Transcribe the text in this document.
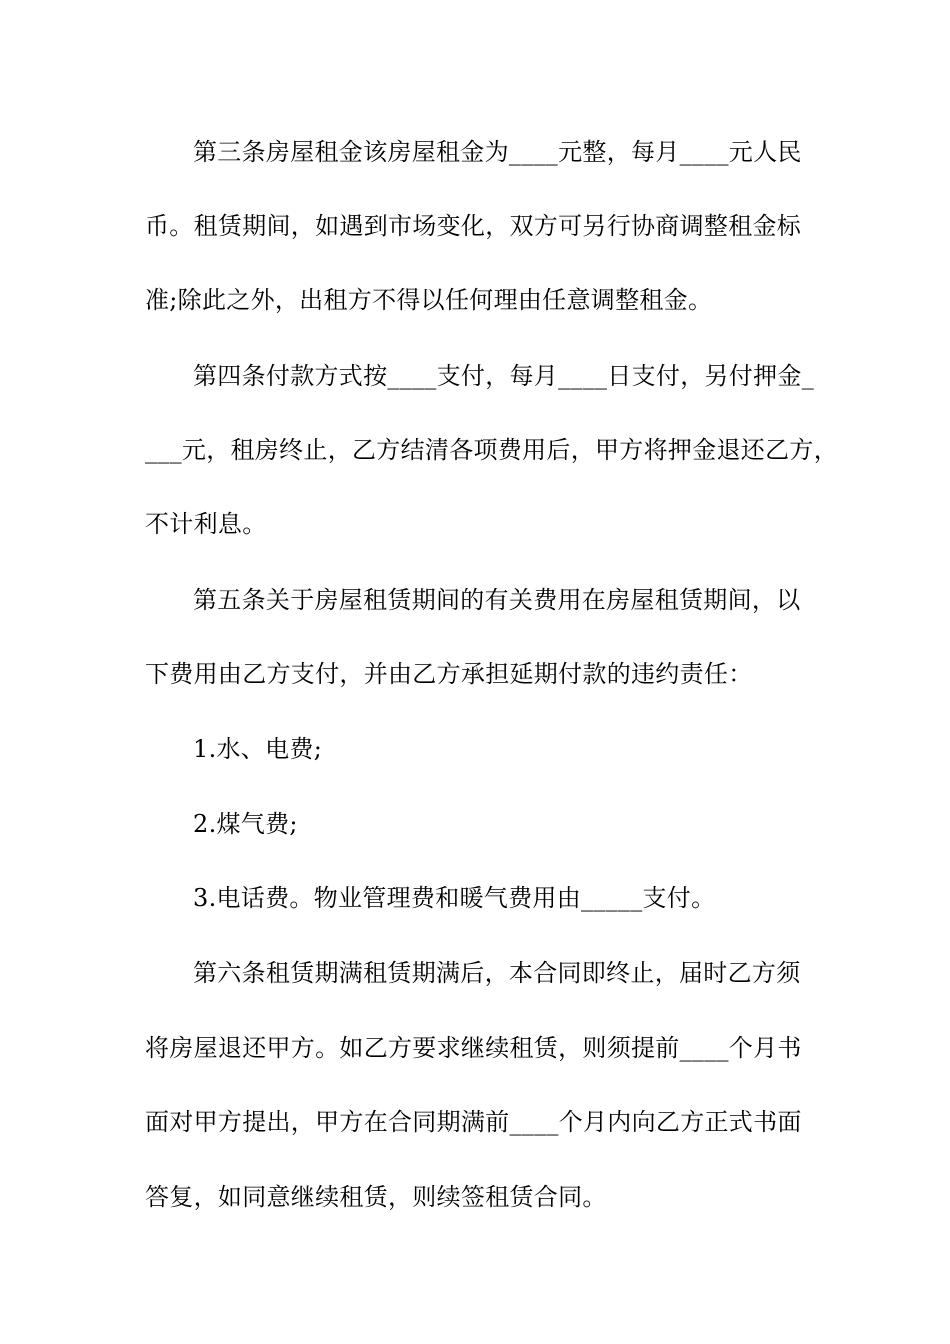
第三条房屋租金该房屋租金为____元整，每月____元人民
币。租赁期间，如遇到市场变化，双方可另行协商调整租金标
准;除此之外，出租方不得以任何理由任意调整租金。
第四条付款方式按____支付，每月____日支付，另付押金_
___元，租房终止，乙方结清各项费用后，甲方将押金退还乙方，
不计利息。
第五条关于房屋租赁期间的有关费用在房屋租赁期间，以
下费用由乙方支付，并由乙方承担延期付款的违约责任：
1.水、电费;
2.煤气费;
3.电话费。物业管理费和暖气费用由_____支付。
第六条租赁期满租赁期满后，本合同即终止，届时乙方须
将房屋退还甲方。如乙方要求继续租赁，则须提前____个月书
面对甲方提出，甲方在合同期满前____个月内向乙方正式书面
答复，如同意继续租赁，则续签租赁合同。
